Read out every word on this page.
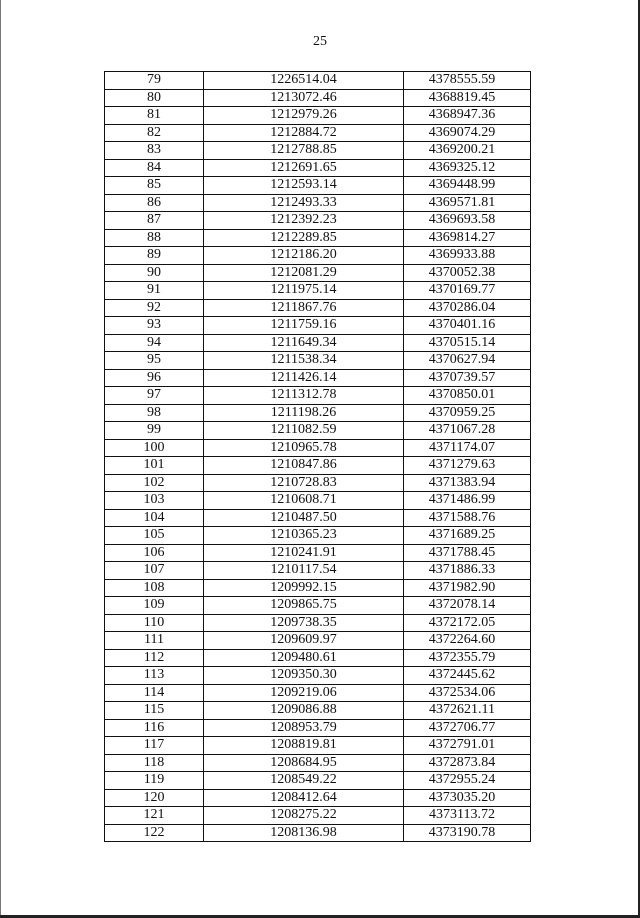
25
79	1226514.04	4378555.59
80	1213072.46	4368819.45
81	1212979.26	4368947.36
82	1212884.72	4369074.29
83	1212788.85	4369200.21
84	1212691.65	4369325.12
85	1212593.14	4369448.99
86	1212493.33	4369571.81
87	1212392.23	4369693.58
88	1212289.85	4369814.27
89	1212186.20	4369933.88
90	1212081.29	4370052.38
91	1211975.14	4370169.77
92	1211867.76	4370286.04
93	1211759.16	4370401.16
94	1211649.34	4370515.14
95	1211538.34	4370627.94
96	1211426.14	4370739.57
97	1211312.78	4370850.01
98	1211198.26	4370959.25
99	1211082.59	4371067.28
100	1210965.78	4371174.07
101	1210847.86	4371279.63
102	1210728.83	4371383.94
103	1210608.71	4371486.99
104	1210487.50	4371588.76
105	1210365.23	4371689.25
106	1210241.91	4371788.45
107	1210117.54	4371886.33
108	1209992.15	4371982.90
109	1209865.75	4372078.14
110	1209738.35	4372172.05
111	1209609.97	4372264.60
112	1209480.61	4372355.79
113	1209350.30	4372445.62
114	1209219.06	4372534.06
115	1209086.88	4372621.11
116	1208953.79	4372706.77
117	1208819.81	4372791.01
118	1208684.95	4372873.84
119	1208549.22	4372955.24
120	1208412.64	4373035.20
121	1208275.22	4373113.72
122	1208136.98	4373190.78
